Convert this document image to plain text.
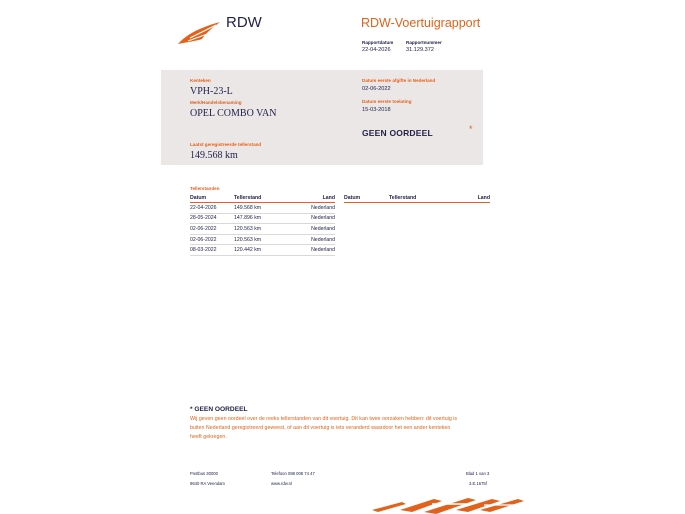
RDW	RDW-Voertuigrapport
Rapportdatum
22-04-2026
Rapportnummer
31.129.372
Kenteken
VPH-23-L
Merk/Handelsbenaming
OPEL COMBO VAN
Laatst geregistreerde tellerstand
149.568 km
Datum eerste afgifte in Nederland
02-06-2022
Datum eerste toelating
15-03-2018
GEEN OORDEEL	*
Tellerstanden
Datum	Tellerstand	Land
22-04-2026	149.568 km	Nederland
28-05-2024	147.896 km	Nederland
02-06-2022	120.563 km	Nederland
02-06-2022	120.563 km	Nederland
08-03-2022	120.442 km	Nederland
Datum	Tellerstand	Land
* GEEN OORDEEL
Wij geven geen oordeel over de reeks tellerstanden van dit voertuig. Dit kan twee oorzaken hebben: dit voertuig is
buiten Nederland geregistreerd geweest, of aan dit voertuig is iets veranderd waardoor het een ander kenteken
heeft gekregen.
Postbus 30000
9640 RA Veendam
Telefoon 088 008 74 47
www.rdw.nl
Blad 1 van 3
3.E.1675f
